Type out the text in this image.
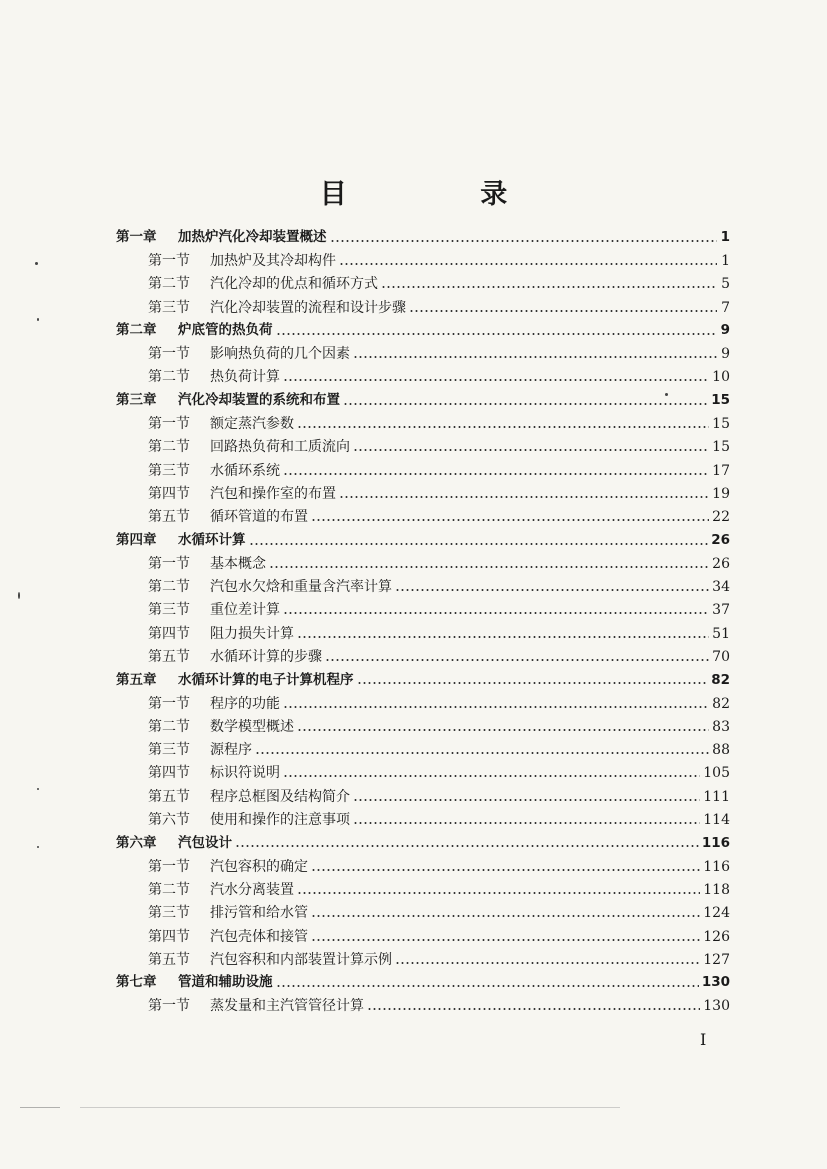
目 录
第一章	加热炉汽化冷却装置概述	1
第一节	加热炉及其冷却构件	1
第二节	汽化冷却的优点和循环方式	5
第三节	汽化冷却装置的流程和设计步骤	7
第二章	炉底管的热负荷	9
第一节	影响热负荷的几个因素	9
第二节	热负荷计算	10
第三章	汽化冷却装置的系统和布置	15
第一节	额定蒸汽参数	15
第二节	回路热负荷和工质流向	15
第三节	水循环系统	17
第四节	汽包和操作室的布置	19
第五节	循环管道的布置	22
第四章	水循环计算	26
第一节	基本概念	26
第二节	汽包水欠焓和重量含汽率计算	34
第三节	重位差计算	37
第四节	阻力损失计算	51
第五节	水循环计算的步骤	70
第五章	水循环计算的电子计算机程序	82
第一节	程序的功能	82
第二节	数学模型概述	83
第三节	源程序	88
第四节	标识符说明	105
第五节	程序总框图及结构简介	111
第六节	使用和操作的注意事项	114
第六章	汽包设计	116
第一节	汽包容积的确定	116
第二节	汽水分离装置	118
第三节	排污管和给水管	124
第四节	汽包壳体和接管	126
第五节	汽包容积和内部装置计算示例	127
第七章	管道和辅助设施	130
第一节	蒸发量和主汽管管径计算	130
I
